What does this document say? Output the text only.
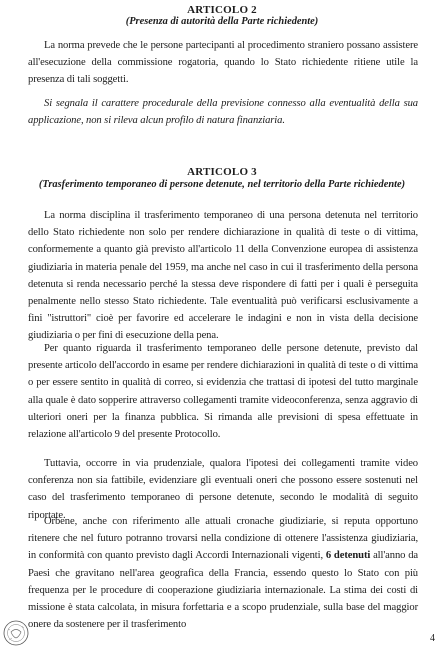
ARTICOLO 2
(Presenza di autorità della Parte richiedente)

La norma prevede che le persone partecipanti al procedimento straniero possano assistere all'esecuzione della commissione rogatoria, quando lo Stato richiedente ritiene utile la presenza di tali soggetti.

Si segnala il carattere procedurale della previsione connesso alla eventualità della sua applicazione, non si rileva alcun profilo di natura finanziaria.

ARTICOLO 3
(Trasferimento temporaneo di persone detenute, nel territorio della Parte richiedente)

La norma disciplina il trasferimento temporaneo di una persona detenuta nel territorio dello Stato richiedente non solo per rendere dichiarazione in qualità di teste o di vittima, conformemente a quanto già previsto all'articolo 11 della Convenzione europea di assistenza giudiziaria in materia penale del 1959, ma anche nel caso in cui il trasferimento della persona detenuta si renda necessario perché la stessa deve rispondere di fatti per i quali è perseguita penalmente nello stesso Stato richiedente. Tale eventualità può verificarsi esclusivamente a fini "istruttori" cioè per favorire ed accelerare le indagini e non in vista della decisione giudiziaria o per fini di esecuzione della pena.

Per quanto riguarda il trasferimento temporaneo delle persone detenute, previsto dal presente articolo dell'accordo in esame per rendere dichiarazioni in qualità di teste o di vittima o per essere sentito in qualità di correo, si evidenzia che trattasi di ipotesi del tutto marginale alla quale è dato sopperire attraverso collegamenti tramite videoconferenza, senza aggravio di ulteriori oneri per la finanza pubblica. Si rimanda alle previsioni di spesa effettuate in relazione all'articolo 9 del presente Protocollo.

Tuttavia, occorre in via prudenziale, qualora l'ipotesi dei collegamenti tramite video conferenza non sia fattibile, evidenziare gli eventuali oneri che possono essere sostenuti nel caso del trasferimento temporaneo di persone detenute, secondo le modalità di seguito riportate.

Orbene, anche con riferimento alle attuali cronache giudiziarie, si reputa opportuno ritenere che nel futuro potranno trovarsi nella condizione di ottenere l'assistenza giudiziaria, in conformità con quanto previsto dagli Accordi Internazionali vigenti, 6 detenuti all'anno da Paesi che gravitano nell'area geografica della Francia, essendo questo lo Stato con più frequenza per le procedure di cooperazione giudiziaria internazionale. La stima dei costi di missione è stata calcolata, in misura forfettaria e a scopo prudenziale, sulla base del maggior onere da sostenere per il trasferimento

4
